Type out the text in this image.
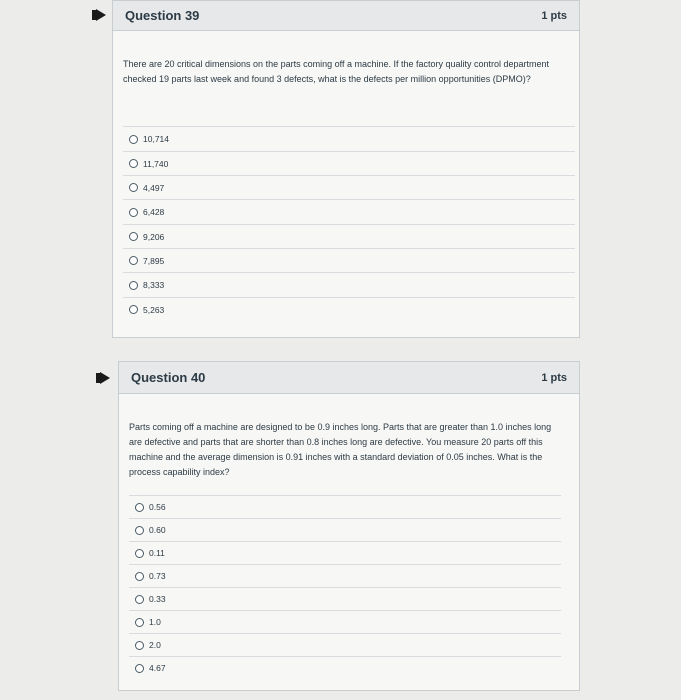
Question 39	1 pts
There are 20 critical dimensions on the parts coming off a machine. If the factory quality control department checked 19 parts last week and found 3 defects, what is the defects per million opportunities (DPMO)?
10,714
11,740
4,497
6,428
9,206
7,895
8,333
5,263
Question 40	1 pts
Parts coming off a machine are designed to be 0.9 inches long. Parts that are greater than 1.0 inches long are defective and parts that are shorter than 0.8 inches long are defective. You measure 20 parts off this machine and the average dimension is 0.91 inches with a standard deviation of 0.05 inches. What is the process capability index?
0.56
0.60
0.11
0.73
0.33
1.0
2.0
4.67
